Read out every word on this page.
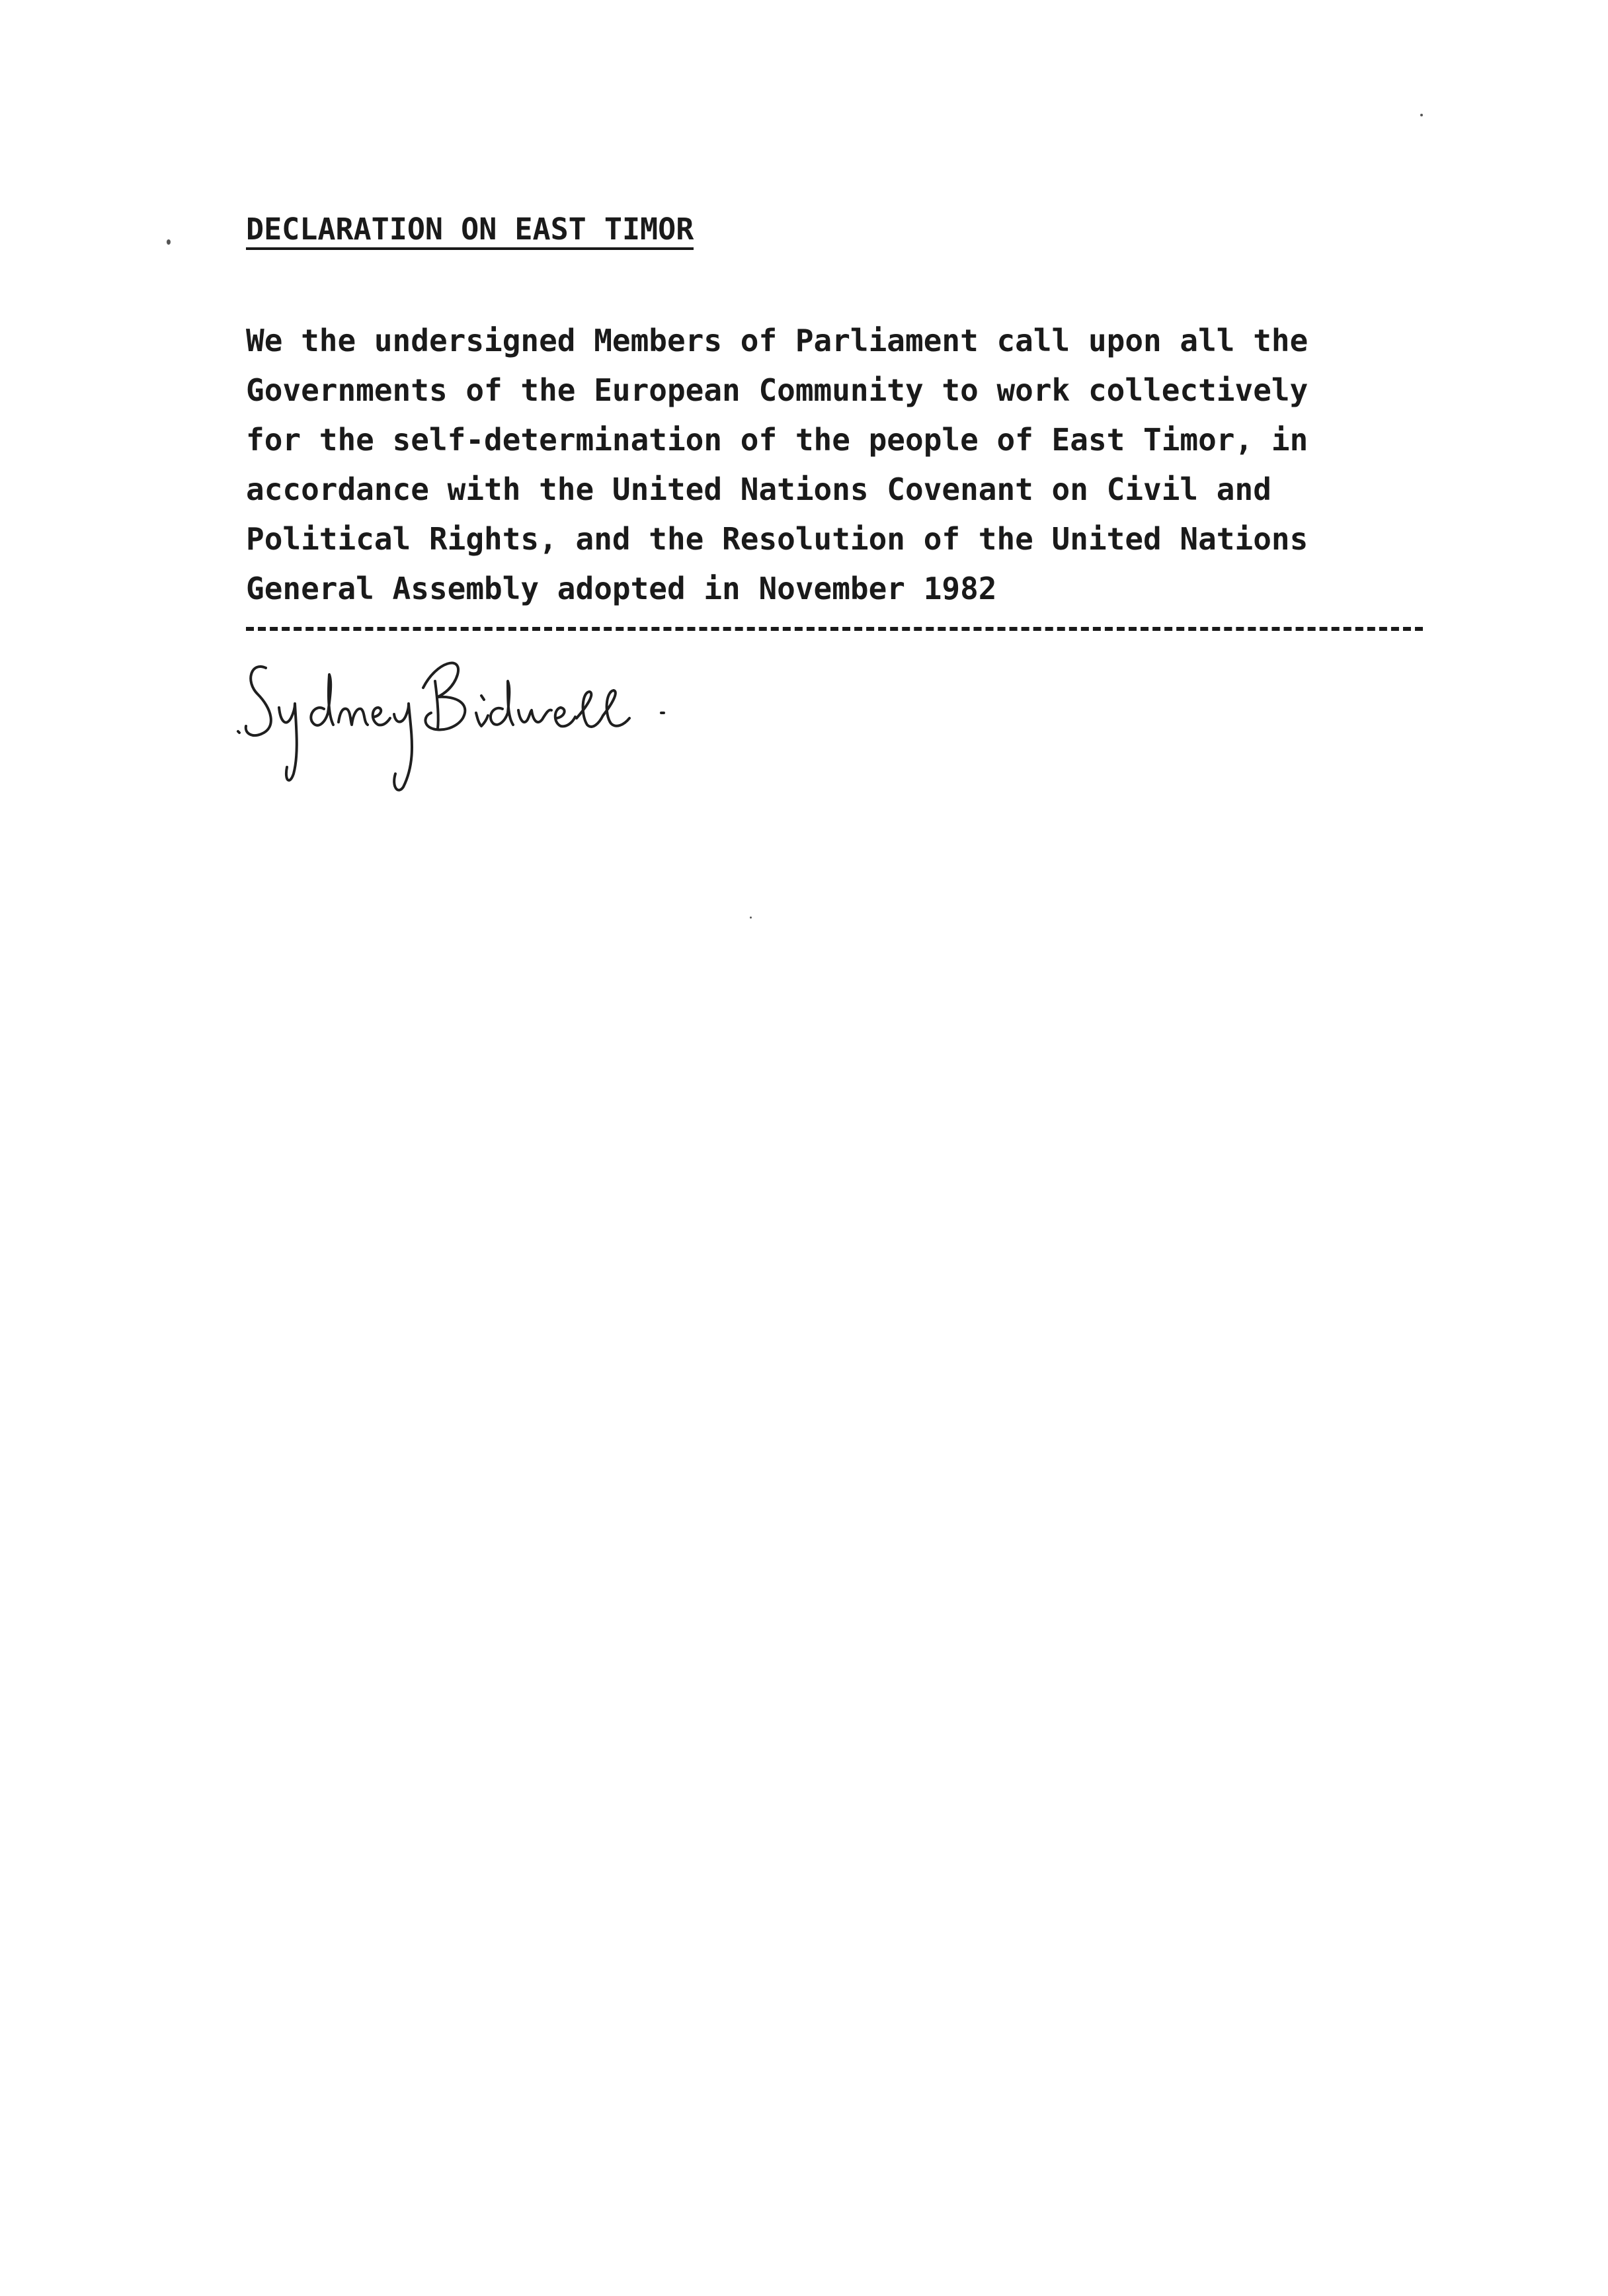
DECLARATION ON EAST TIMOR
We the undersigned Members of Parliament call upon all the
Governments of the European Community to work collectively
for the self-determination of the people of East Timor, in
accordance with the United Nations Covenant on Civil and
Political Rights, and the Resolution of the United Nations
General Assembly adopted in November 1982
